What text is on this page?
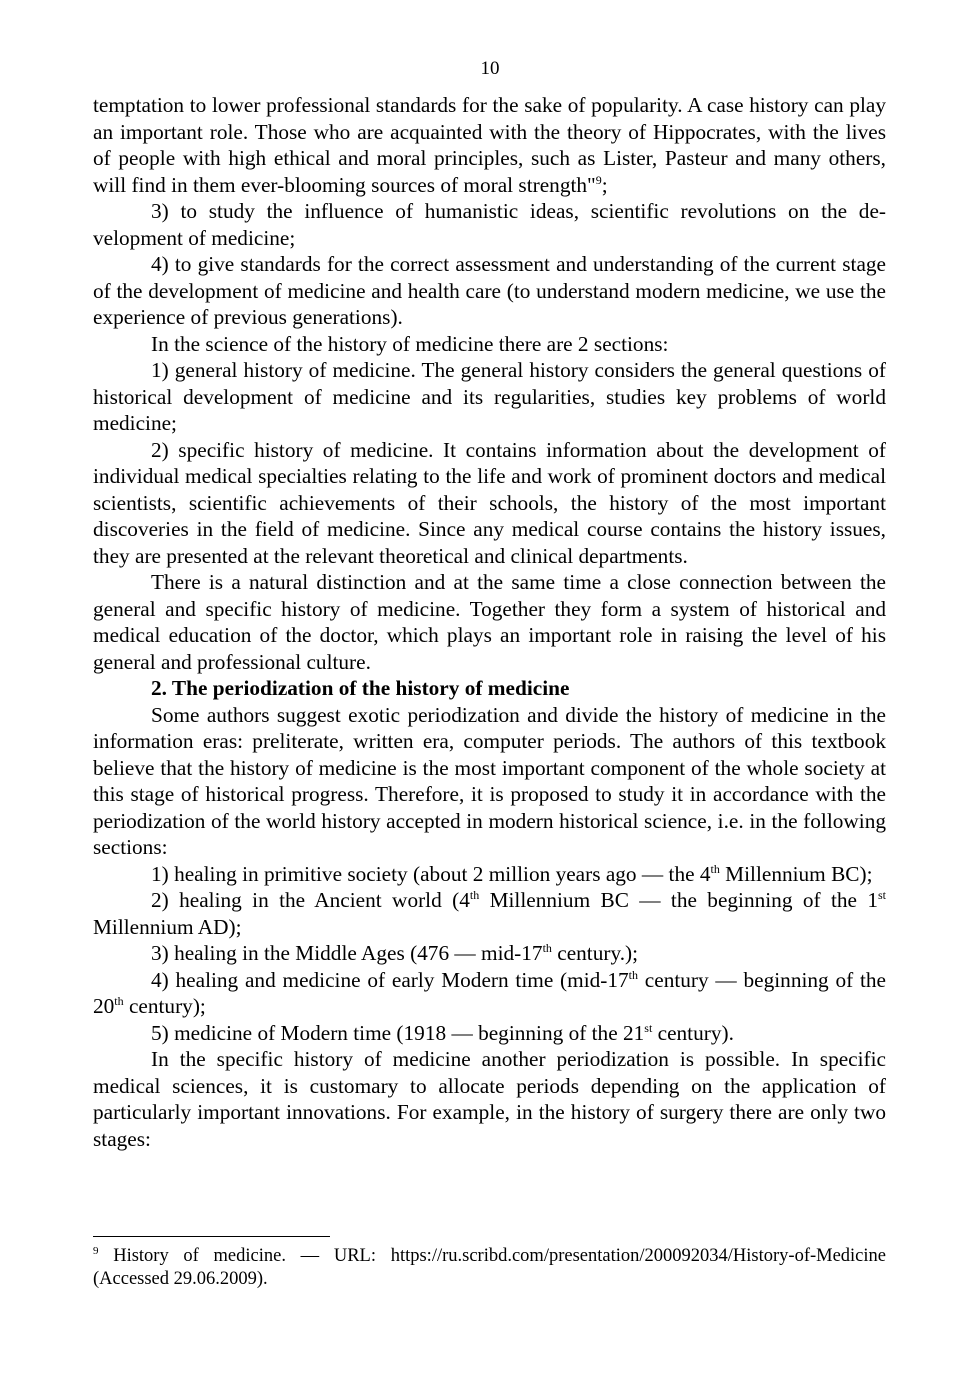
10

temptation to lower professional standards for the sake of popularity. A case history can play an important role. Those who are acquainted with the theory of Hippocrates, with the lives of people with high ethical and moral principles, such as Lister, Pasteur and many others, will find in them ever-blooming sources of moral strength"$^9$;

3) to study the influence of humanistic ideas, scientific revolutions on the development of medicine;

4) to give standards for the correct assessment and understanding of the current stage of the development of medicine and health care (to understand modern medicine, we use the experience of previous generations).

In the science of the history of medicine there are 2 sections:

1) general history of medicine. The general history considers the general questions of historical development of medicine and its regularities, studies key problems of world medicine;

2) specific history of medicine. It contains information about the development of individual medical specialties relating to the life and work of prominent doctors and medical scientists, scientific achievements of their schools, the history of the most important discoveries in the field of medicine. Since any medical course contains the history issues, they are presented at the relevant theoretical and clinical departments.

There is a natural distinction and at the same time a close connection between the general and specific history of medicine. Together they form a system of historical and medical education of the doctor, which plays an important role in raising the level of his general and professional culture.

2. The periodization of the history of medicine

Some authors suggest exotic periodization and divide the history of medicine in the information eras: preliterate, written era, computer periods. The authors of this textbook believe that the history of medicine is the most important component of the whole society at this stage of historical progress. Therefore, it is proposed to study it in accordance with the periodization of the world history accepted in modern historical science, i.e. in the following sections:

1) healing in primitive society (about 2 million years ago ― the 4th Millennium BC);

2) healing in the Ancient world (4th Millennium BC ― the beginning of the 1st Millennium AD);

3) healing in the Middle Ages (476 — mid-17th century.);

4) healing and medicine of early Modern time (mid-17th century ― beginning of the 20th century);

5) medicine of Modern time (1918 ― beginning of the 21st century).

In the specific history of medicine another periodization is possible. In specific medical sciences, it is customary to allocate periods depending on the application of particularly important innovations. For example, in the history of surgery there are only two stages:

$^9$ History of medicine. — URL: https://ru.scribd.com/presentation/200092034/History-of-Medicine (Accessed 29.06.2009).
